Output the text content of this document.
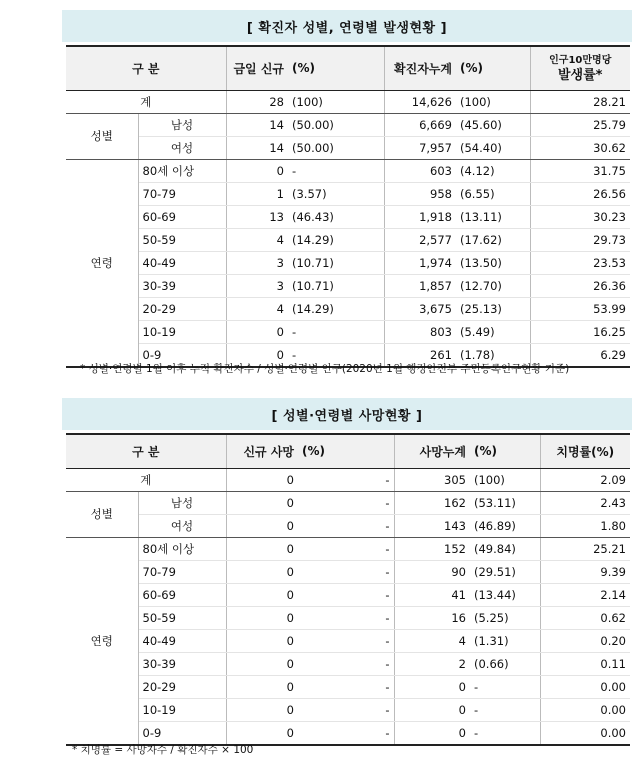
[ 확진자 성별, 연령별 발생현황 ]
구 분		금일 신규	(%)	확진자누계	(%)	인구10만명당
발생률*

계		28	(100)	14,626	(100)	28.21
성별	남성	14	(50.00)	6,669	(45.60)	25.79
	여성	14	(50.00)	7,957	(54.40)	30.62
연령	80세 이상	0	-	603	(4.12)	31.75
	70-79	1	(3.57)	958	(6.55)	26.56
	60-69	13	(46.43)	1,918	(13.11)	30.23
	50-59	4	(14.29)	2,577	(17.62)	29.73
	40-49	3	(10.71)	1,974	(13.50)	23.53
	30-39	3	(10.71)	1,857	(12.70)	26.36
	20-29	4	(14.29)	3,675	(25.13)	53.99
	10-19	0	-	803	(5.49)	16.25
	0-9	0	-	261	(1.78)	6.29
* 성별·연령별 1월 이후 누적 확진자수 / 성별·연령별 인구(2020년 1월 행정안전부 주민등록인구현황 기준)
[ 성별·연령별 사망현황 ]
구 분		신규 사망	(%)	사망누계	(%)	치명률(%)
계		0	-	305	(100)	2.09
성별	남성	0	-	162	(53.11)	2.43
	여성	0	-	143	(46.89)	1.80
연령	80세 이상	0	-	152	(49.84)	25.21
	70-79	0	-	90	(29.51)	9.39
	60-69	0	-	41	(13.44)	2.14
	50-59	0	-	16	(5.25)	0.62
	40-49	0	-	4	(1.31)	0.20
	30-39	0	-	2	(0.66)	0.11
	20-29	0	-	0	-	0.00
	10-19	0	-	0	-	0.00
	0-9	0	-	0	-	0.00
* 치명률 = 사망자수 / 확진자수 × 100
